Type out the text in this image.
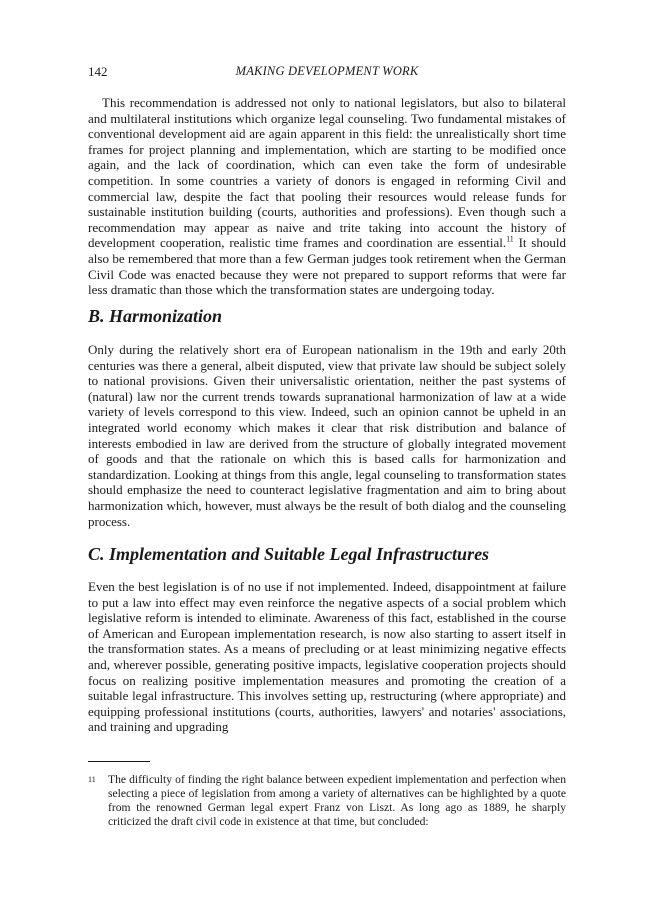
142	MAKING DEVELOPMENT WORK

This recommendation is addressed not only to national legislators, but also to bilateral and multilateral institutions which organize legal counseling. Two fundamental mistakes of conventional development aid are again apparent in this field: the unrealistically short time frames for project planning and implementation, which are starting to be modified once again, and the lack of coordination, which can even take the form of undesirable competition. In some countries a variety of donors is engaged in reforming Civil and commercial law, despite the fact that pooling their resources would release funds for sustainable institution building (courts, authorities and professions). Even though such a recommendation may appear as naive and trite taking into account the history of development cooperation, realistic time frames and coordination are essential.$^{11}$ It should also be remembered that more than a few German judges took retirement when the German Civil Code was enacted because they were not prepared to support reforms that were far less dramatic than those which the transformation states are undergoing today.

B. Harmonization

Only during the relatively short era of European nationalism in the 19th and early 20th centuries was there a general, albeit disputed, view that private law should be subject solely to national provisions. Given their universalistic orientation, neither the past systems of (natural) law nor the current trends towards supranational harmonization of law at a wide variety of levels correspond to this view. Indeed, such an opinion cannot be upheld in an integrated world economy which makes it clear that risk distribution and balance of interests embodied in law are derived from the structure of globally integrated movement of goods and that the rationale on which this is based calls for harmonization and standardization. Looking at things from this angle, legal counseling to transformation states should emphasize the need to counteract legislative fragmentation and aim to bring about harmonization which, however, must always be the result of both dialog and the counseling process.

C. Implementation and Suitable Legal Infrastructures

Even the best legislation is of no use if not implemented. Indeed, disappointment at failure to put a law into effect may even reinforce the negative aspects of a social problem which legislative reform is intended to eliminate. Awareness of this fact, established in the course of American and European implementation research, is now also starting to assert itself in the transformation states. As a means of precluding or at least minimizing negative effects and, wherever possible, generating positive impacts, legislative cooperation projects should focus on realizing positive implementation measures and promoting the creation of a suitable legal infrastructure. This involves setting up, restructuring (where appropriate) and equipping professional institutions (courts, authorities, lawyers' and notaries' associations, and training and upgrading

11 The difficulty of finding the right balance between expedient implementation and perfection when selecting a piece of legislation from among a variety of alternatives can be highlighted by a quote from the renowned German legal expert Franz von Liszt. As long ago as 1889, he sharply criticized the draft civil code in existence at that time, but concluded:
